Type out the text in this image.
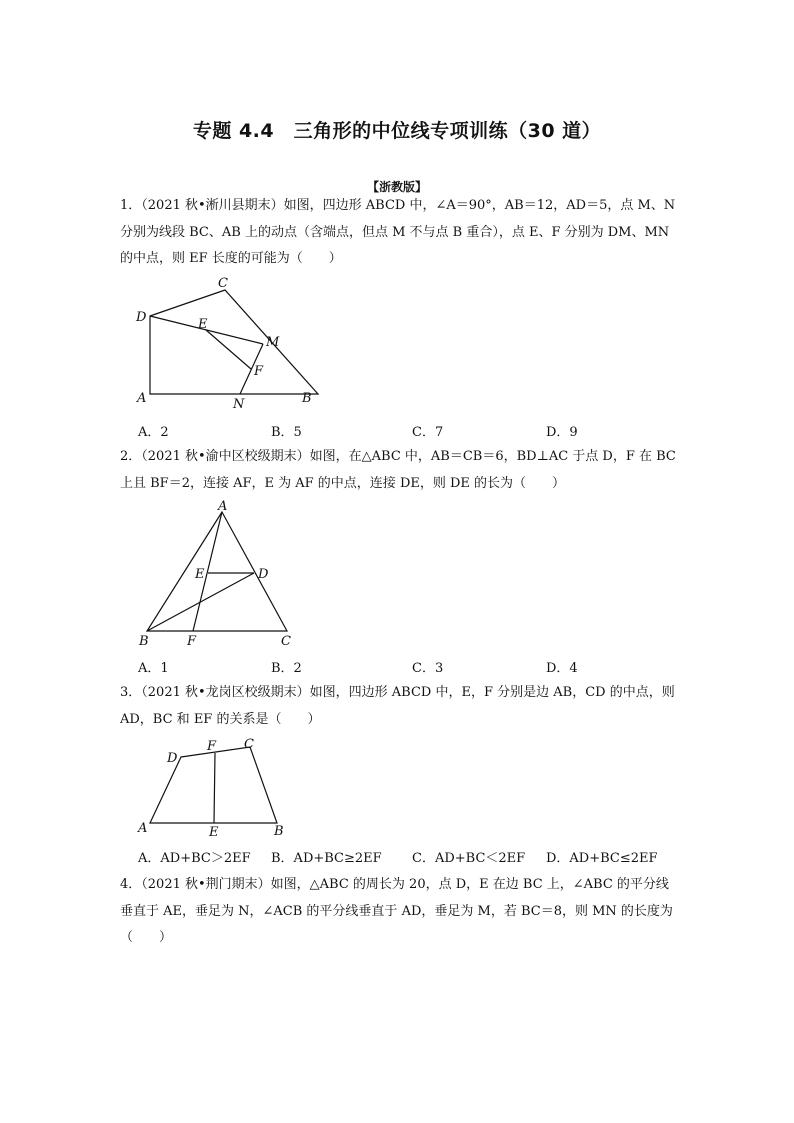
专题 4.4　三角形的中位线专项训练（30 道）
【浙教版】
1．（2021 秋•淅川县期末）如图，四边形 ABCD 中，∠A＝90°，AB＝12，AD＝5，点 M、N 分别为线段 BC、AB 上的动点（含端点，但点 M 不与点 B 重合），点 E、F 分别为 DM、MN 的中点，则 EF 长度的可能为（　　）
C
D	E
M
F
A	N	B
A．2	B．5	C．7	D．9
2．（2021 秋•渝中区校级期末）如图，在△ABC 中，AB＝CB＝6，BD⊥AC 于点 D，F 在 BC 上且 BF＝2，连接 AF，E 为 AF 的中点，连接 DE，则 DE 的长为（　　）
A
E	D
B	F	C
A．1	B．2	C．3	D．4
3．（2021 秋•龙岗区校级期末）如图，四边形 ABCD 中，E，F 分别是边 AB，CD 的中点，则 AD，BC 和 EF 的关系是（　　）
D
F C
A	E	B
A．AD+BC＞2EF B．AD+BC≥2EF C．AD+BC＜2EF D．AD+BC≤2EF
4．（2021 秋•荆门期末）如图，△ABC 的周长为 20，点 D，E 在边 BC 上，∠ABC 的平分线垂直于 AE，垂足为 N，∠ACB 的平分线垂直于 AD，垂足为 M，若 BC＝8，则 MN 的长度为（　　）
